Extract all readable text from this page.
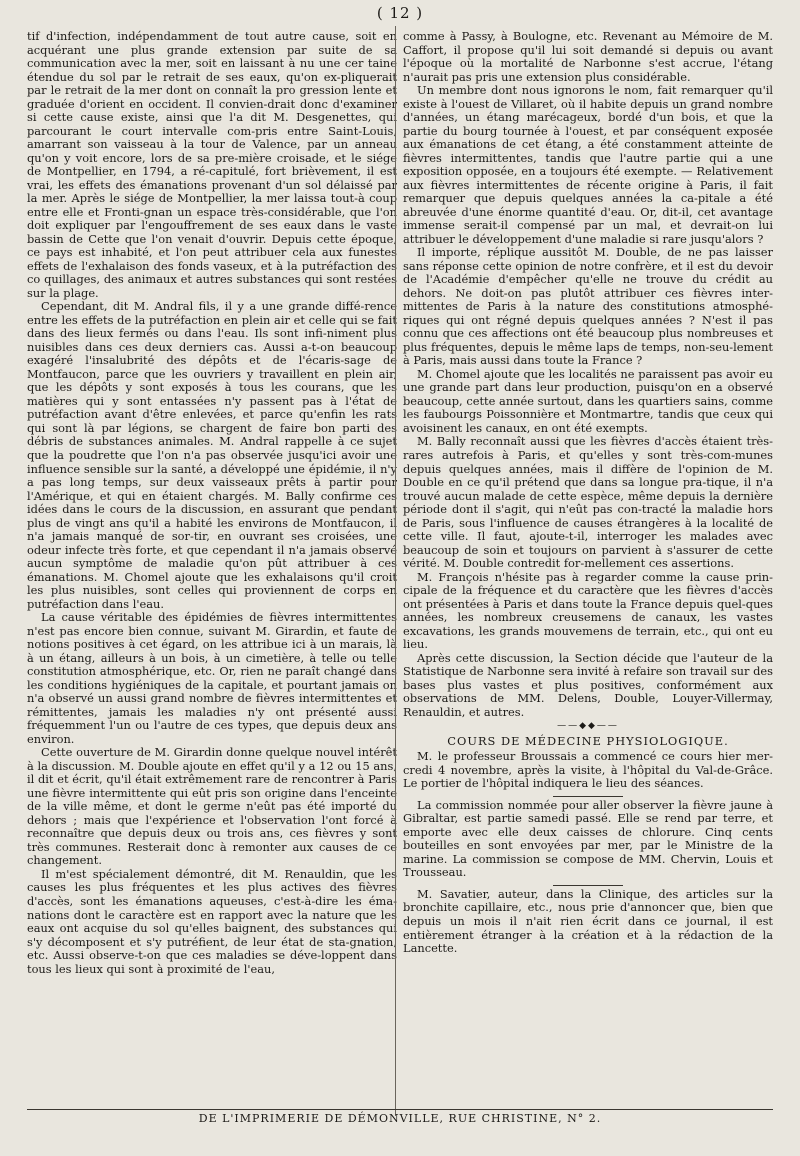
( 12 )

tif d'infection, indépendamment de tout autre cause, soit en acquérant une plus grande extension par suite de sa communication avec la mer, soit en laissant à nu une cer taine étendue du sol par le retrait de ses eaux, qu'on ex-pliquerait par le retrait de la mer dont on connaît la pro gression lente et graduée d'orient en occident. Il convien-drait donc d'examiner si cette cause existe, ainsi que l'a dit M. Desgenettes, qui parcourant le court intervalle com-pris entre Saint-Louis, amarrant son vaisseau à la tour de Valence, par un anneau qu'on y voit encore, lors de sa pre-mière croisade, et le siége de Montpellier, en 1794, a ré-capitulé, fort brièvement, il est vrai, les effets des émanations provenant d'un sol délaissé par la mer. Après le siége de Montpellier, la mer laissa tout-à coup entre elle et Fronti-gnan un espace très-considérable, que l'on doit expliquer par l'engouffrement de ses eaux dans le vaste bassin de Cette que l'on venait d'ouvrir. Depuis cette époque, ce pays est inhabité, et l'on peut attribuer cela aux funestes effets de l'exhalaison des fonds vaseux, et à la putréfaction des co quillages, des animaux et autres substances qui sont restées sur la plage.

Cependant, dit M. Andral fils, il y a une grande diffé-rence entre les effets de la putréfaction en plein air et celle qui se fait dans des lieux fermés ou dans l'eau. Ils sont infi-niment plus nuisibles dans ces deux derniers cas. Aussi a-t-on beaucoup exagéré l'insalubrité des dépôts et de l'écaris-sage de Montfaucon, parce que les ouvriers y travaillent en plein air, que les dépôts y sont exposés à tous les courans, que les matières qui y sont entassées n'y passent pas à l'état de putréfaction avant d'être enlevées, et parce qu'enfin les rats qui sont là par légions, se chargent de faire bon parti des débris de substances animales. M. Andral rappelle à ce sujet que la poudrette que l'on n'a pas observée jusqu'ici avoir une influence sensible sur la santé, a développé une épidémie, il n'y a pas long temps, sur deux vaisseaux prêts à partir pour l'Amérique, et qui en étaient chargés. M. Bally confirme ces idées dans le cours de la discussion, en assurant que pendant plus de vingt ans qu'il a habité les environs de Montfaucon, il n'a jamais manqué de sor-tir, en ouvrant ses croisées, une odeur infecte très forte, et que cependant il n'a jamais observé aucun symptôme de maladie qu'on pût attribuer à ces émanations. M. Chomel ajoute que les exhalaisons qu'il croit les plus nuisibles, sont celles qui proviennent de corps en putréfaction dans l'eau.

La cause véritable des épidémies de fièvres intermittentes n'est pas encore bien connue, suivant M. Girardin, et faute de notions positives à cet égard, on les attribue ici à un marais, là à un étang, ailleurs à un bois, à un cimetière, à telle ou telle constitution atmosphérique, etc. Or, rien ne paraît changé dans les conditions hygiéniques de la capitale, et pourtant jamais on n'a observé un aussi grand nombre de fièvres intermittentes et rémittentes, jamais les maladies n'y ont présenté aussi fréquemment l'un ou l'autre de ces types, que depuis deux ans environ.

Cette ouverture de M. Girardin donne quelque nouvel intérêt à la discussion. M. Double ajoute en effet qu'il y a 12 ou 15 ans, il dit et écrit, qu'il était extrêmement rare de rencontrer à Paris une fièvre intermittente qui eût pris son origine dans l'enceinte de la ville même, et dont le germe n'eût pas été importé du dehors ; mais que l'expérience et l'observation l'ont forcé à reconnaître que depuis deux ou trois ans, ces fièvres y sont très communes. Resterait donc à remonter aux causes de ce changement.

Il m'est spécialement démontré, dit M. Renauldin, que les causes les plus fréquentes et les plus actives des fièvres d'accès, sont les émanations aqueuses, c'est-à-dire les éma-nations dont le caractère est en rapport avec la nature que les eaux ont acquise du sol qu'elles baignent, des substances qui s'y décomposent et s'y putréfient, de leur état de sta-gnation, etc. Aussi observe-t-on que ces maladies se déve-loppent dans tous les lieux qui sont à proximité de l'eau,

comme à Passy, à Boulogne, etc. Revenant au Mémoire de M. Caffort, il propose qu'il lui soit demandé si depuis ou avant l'époque où la mortalité de Narbonne s'est accrue, l'étang n'aurait pas pris une extension plus considérable.

Un membre dont nous ignorons le nom, fait remarquer qu'il existe à l'ouest de Villaret, où il habite depuis un grand nombre d'années, un étang marécageux, bordé d'un bois, et que la partie du bourg tournée à l'ouest, et par conséquent exposée aux émanations de cet étang, a été constamment atteinte de fièvres intermittentes, tandis que l'autre partie qui a une exposition opposée, en a toujours été exempte. — Relativement aux fièvres intermittentes de récente origine à Paris, il fait remarquer que depuis quelques années la ca-pitale a été abreuvée d'une énorme quantité d'eau. Or, dit-il, cet avantage immense serait-il compensé par un mal, et devrait-on lui attribuer le développement d'une maladie si rare jusqu'alors ?

Il importe, réplique aussitôt M. Double, de ne pas laisser sans réponse cette opinion de notre confrère, et il est du devoir de l'Académie d'empêcher qu'elle ne trouve du crédit au dehors. Ne doit-on pas plutôt attribuer ces fièvres inter-mittentes de Paris à la nature des constitutions atmosphé-riques qui ont régné depuis quelques années ? N'est il pas connu que ces affections ont été beaucoup plus nombreuses et plus fréquentes, depuis le même laps de temps, non-seu-lement à Paris, mais aussi dans toute la France ?

M. Chomel ajoute que les localités ne paraissent pas avoir eu une grande part dans leur production, puisqu'on en a observé beaucoup, cette année surtout, dans les quartiers sains, comme les faubourgs Poissonnière et Montmartre, tandis que ceux qui avoisinent les canaux, en ont été exempts.

M. Bally reconnaît aussi que les fièvres d'accès étaient très-rares autrefois à Paris, et qu'elles y sont très-com-munes depuis quelques années, mais il diffère de l'opinion de M. Double en ce qu'il prétend que dans sa longue pra-tique, il n'a trouvé aucun malade de cette espèce, même depuis la dernière période dont il s'agit, qui n'eût pas con-tracté la maladie hors de Paris, sous l'influence de causes étrangères à la localité de cette ville. Il faut, ajoute-t-il, interroger les malades avec beaucoup de soin et toujours on parvient à s'assurer de cette vérité. M. Double contredit for-mellement ces assertions.

M. François n'hésite pas à regarder comme la cause prin-cipale de la fréquence et du caractère que les fièvres d'accès ont présentées à Paris et dans toute la France depuis quel-ques années, les nombreux creusemens de canaux, les vastes excavations, les grands mouvemens de terrain, etc., qui ont eu lieu.

Après cette discussion, la Section décide que l'auteur de la Statistique de Narbonne sera invité à refaire son travail sur des bases plus vastes et plus positives, conformément aux observations de MM. Delens, Double, Louyer-Villermay, Renauldin, et autres.

——◆◆——
COURS DE MÉDECINE PHYSIOLOGIQUE.

M. le professeur Broussais a commencé ce cours hier mer-credi 4 novembre, après la visite, à l'hôpital du Val-de-Grâce. Le portier de l'hôpital indiquera le lieu des séances.

La commission nommée pour aller observer la fièvre jaune à Gibraltar, est partie samedi passé. Elle se rend par terre, et emporte avec elle deux caisses de chlorure. Cinq cents bouteilles en sont envoyées par mer, par le Ministre de la marine. La commission se compose de MM. Chervin, Louis et Trousseau.

M. Savatier, auteur, dans la Clinique, des articles sur la bronchite capillaire, etc., nous prie d'annoncer que, bien que depuis un mois il n'ait rien écrit dans ce journal, il est entièrement étranger à la création et à la rédaction de la Lancette.

DE L'IMPRIMERIE DE DÉMONVILLE, RUE CHRISTINE, N° 2.
